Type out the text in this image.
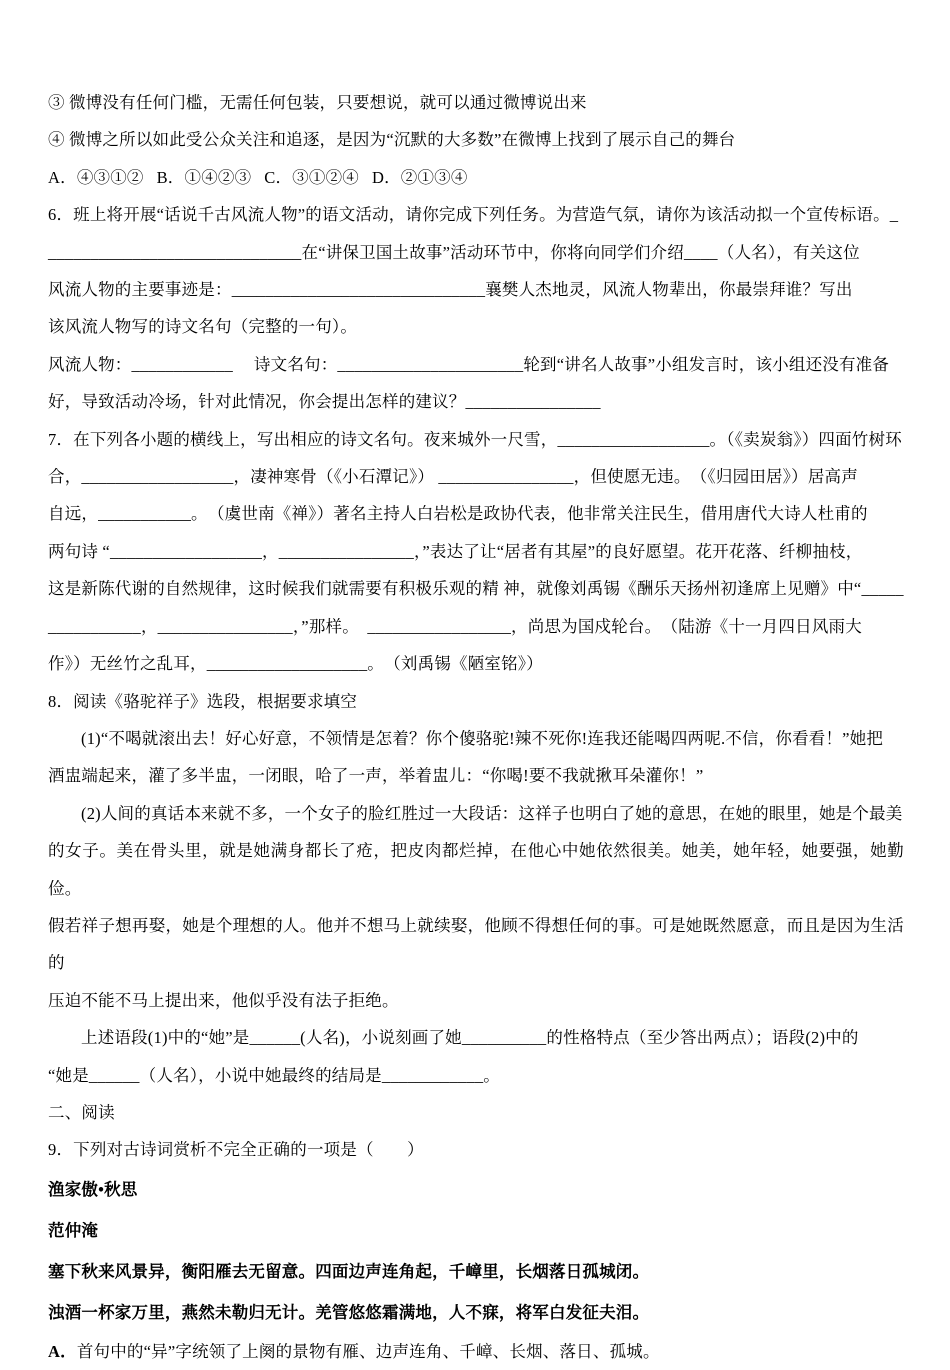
③ 微博没有任何门槛，无需任何包装，只要想说，就可以通过微博说出来

④ 微博之所以如此受公众关注和追逐，是因为“沉默的大多数”在微博上找到了展示自己的舞台

A．④③①②   B．①④②③   C．③①②④   D．②①③④

6．班上将开展“话说千古风流人物”的语文活动，请你完成下列任务。为营造气氛，请你为该活动拟一个宣传标语。_

______________________________在“讲保卫国土故事”活动环节中，你将向同学们介绍____（人名），有关这位

风流人物的主要事迹是：______________________________襄樊人杰地灵，风流人物辈出，你最崇拜谁？写出

该风流人物写的诗文名句（完整的一句）。

风流人物：____________　 诗文名句：______________________轮到“讲名人故事”小组发言时，该小组还没有准备

好，导致活动冷场，针对此情况，你会提出怎样的建议？________________

7．在下列各小题的横线上，写出相应的诗文名句。夜来城外一尺雪，__________________。（《卖炭翁》）四面竹树环

合，__________________，凄神寒骨（《小石潭记》） ________________，但使愿无违。　（《归园田居》）居高声

自远，___________。　（虞世南《禅》）著名主持人白岩松是政协代表，他非常关注民生，借用唐代大诗人杜甫的

两句诗 “__________________，________________，”表达了让“居者有其屋”的良好愿望。花开花落、纤柳抽枝，

这是新陈代谢的自然规律，这时候我们就需要有积极乐观的精 神，就像刘禹锡《酬乐天扬州初逢席上见赠》中“_____

___________，________________，”那样。　_________________，尚思为国戍轮台。　（陆游《十一月四日风雨大

作》）无丝竹之乱耳，___________________。　（刘禹锡《陋室铭》）

8．阅读《骆驼祥子》选段，根据要求填空

(1)“不喝就滚出去！好心好意，不领情是怎着？你个傻骆驼!辣不死你!连我还能喝四两呢.不信，你看看！”她把

酒盅端起来，灌了多半盅，一闭眼，哈了一声，举着盅儿：“你喝!要不我就揪耳朵灌你！”

(2)人间的真话本来就不多，一个女子的脸红胜过一大段话：这祥子也明白了她的意思，在她的眼里，她是个最美

的女子。美在骨头里，就是她满身都长了疮，把皮肉都烂掉，在他心中她依然很美。她美，她年轻，她要强，她勤俭。

假若祥子想再娶，她是个理想的人。他并不想马上就续娶，他顾不得想任何的事。可是她既然愿意，而且是因为生活的

压迫不能不马上提出来，他似乎没有法子拒绝。

上述语段(1)中的“她”是______(人名)，小说刻画了她__________的性格特点（至少答出两点）；语段(2)中的

“她是______（人名），小说中她最终的结局是____________。

二、阅读

9．下列对古诗词赏析不完全正确的一项是（　　）

渔家傲•秋思

范仲淹

塞下秋来风景异，衡阳雁去无留意。四面边声连角起，千嶂里，长烟落日孤城闭。

浊酒一杯家万里，燕然未勒归无计。羌管悠悠霜满地，人不寐，将军白发征夫泪。

A．首句中的“异”字统领了上阕的景物有雁、边声连角、千嶂、长烟、落日、孤城。
